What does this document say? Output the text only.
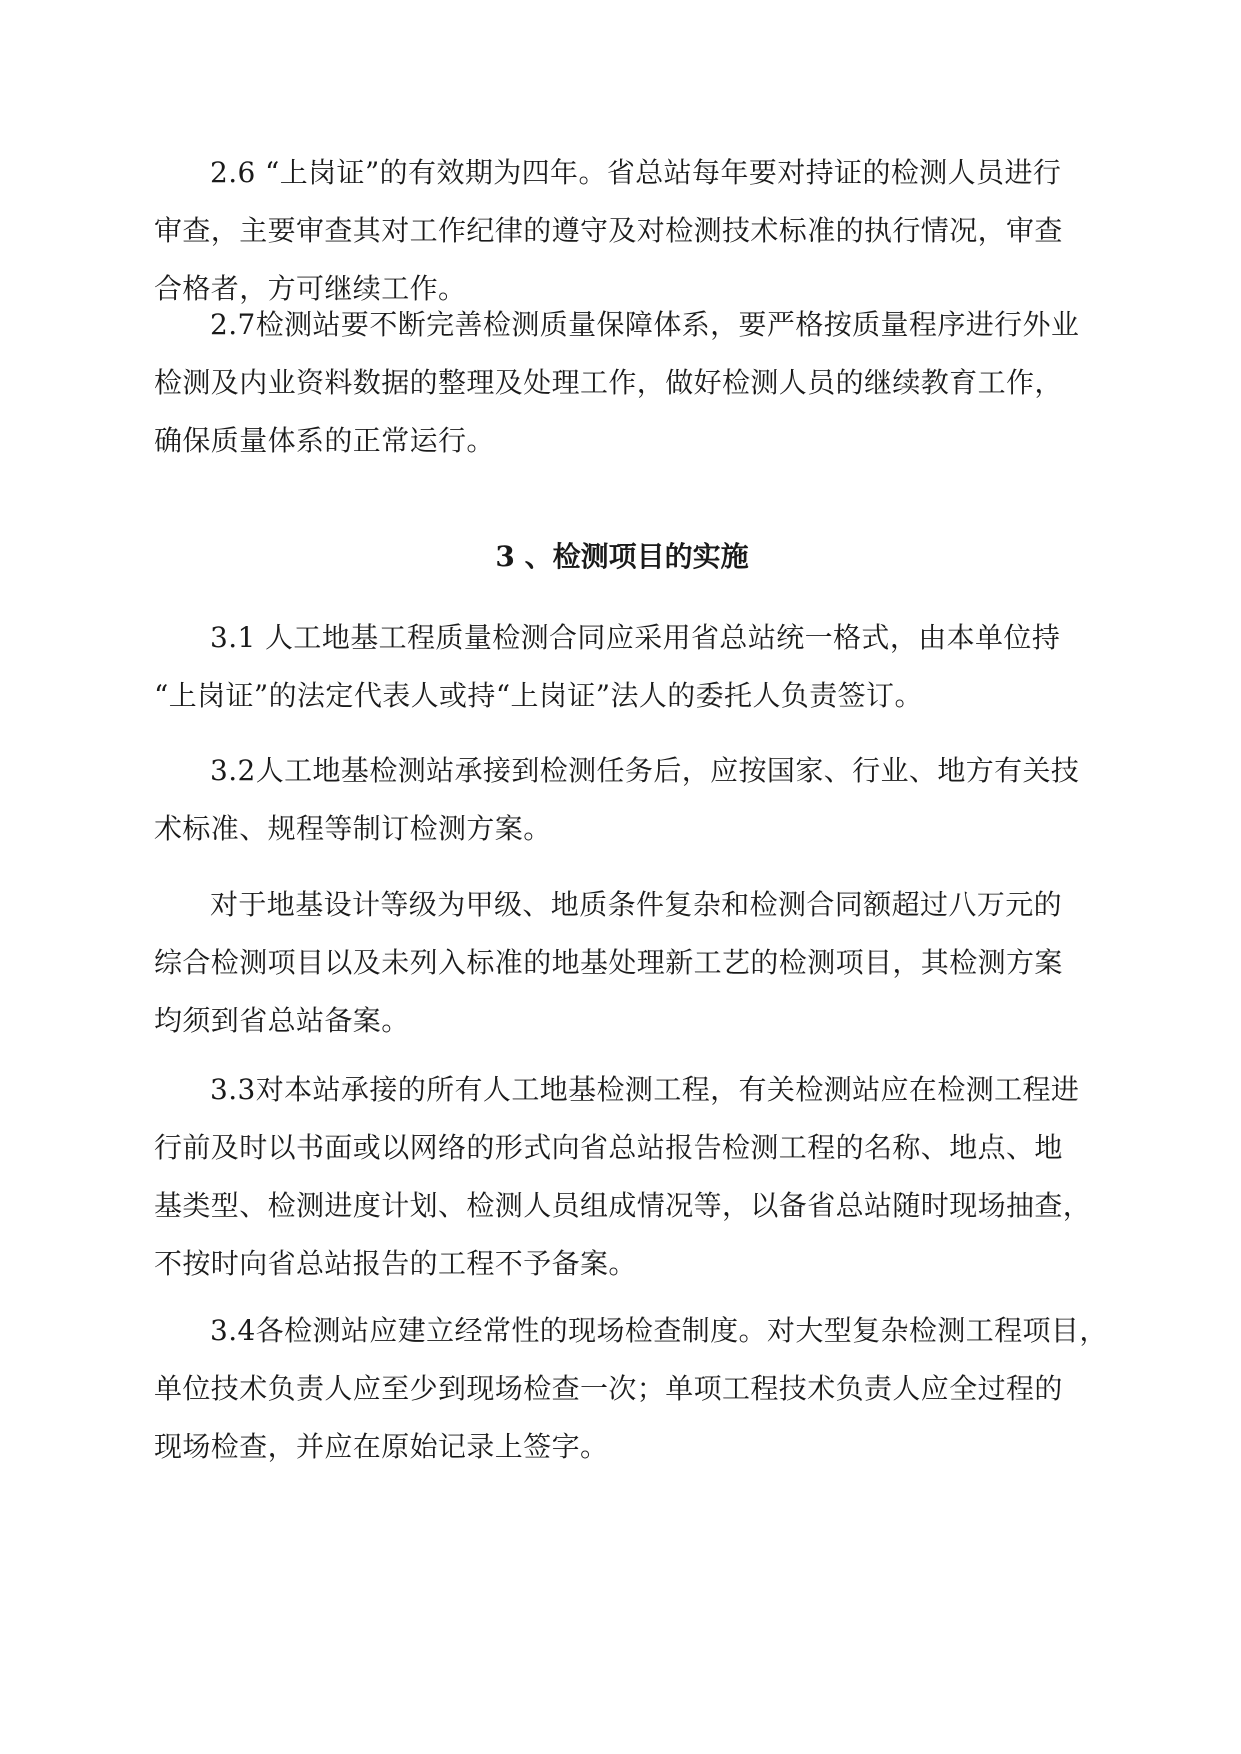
2.6 “上岗证”的有效期为四年。省总站每年要对持证的检测人员进行
审查，主要审查其对工作纪律的遵守及对检测技术标准的执行情况，审查
合格者，方可继续工作。
2.7检测站要不断完善检测质量保障体系，要严格按质量程序进行外业
检测及内业资料数据的整理及处理工作，做好检测人员的继续教育工作，
确保质量体系的正常运行。
3 、检测项目的实施
3.1 人工地基工程质量检测合同应采用省总站统一格式，由本单位持
“上岗证”的法定代表人或持“上岗证”法人的委托人负责签订。
3.2人工地基检测站承接到检测任务后，应按国家、行业、地方有关技
术标准、规程等制订检测方案。
对于地基设计等级为甲级、地质条件复杂和检测合同额超过八万元的
综合检测项目以及未列入标准的地基处理新工艺的检测项目，其检测方案
均须到省总站备案。
3.3对本站承接的所有人工地基检测工程，有关检测站应在检测工程进
行前及时以书面或以网络的形式向省总站报告检测工程的名称、地点、地
基类型、检测进度计划、检测人员组成情况等，以备省总站随时现场抽查，
不按时向省总站报告的工程不予备案。
3.4各检测站应建立经常性的现场检查制度。对大型复杂检测工程项目，
单位技术负责人应至少到现场检查一次；单项工程技术负责人应全过程的
现场检查，并应在原始记录上签字。
